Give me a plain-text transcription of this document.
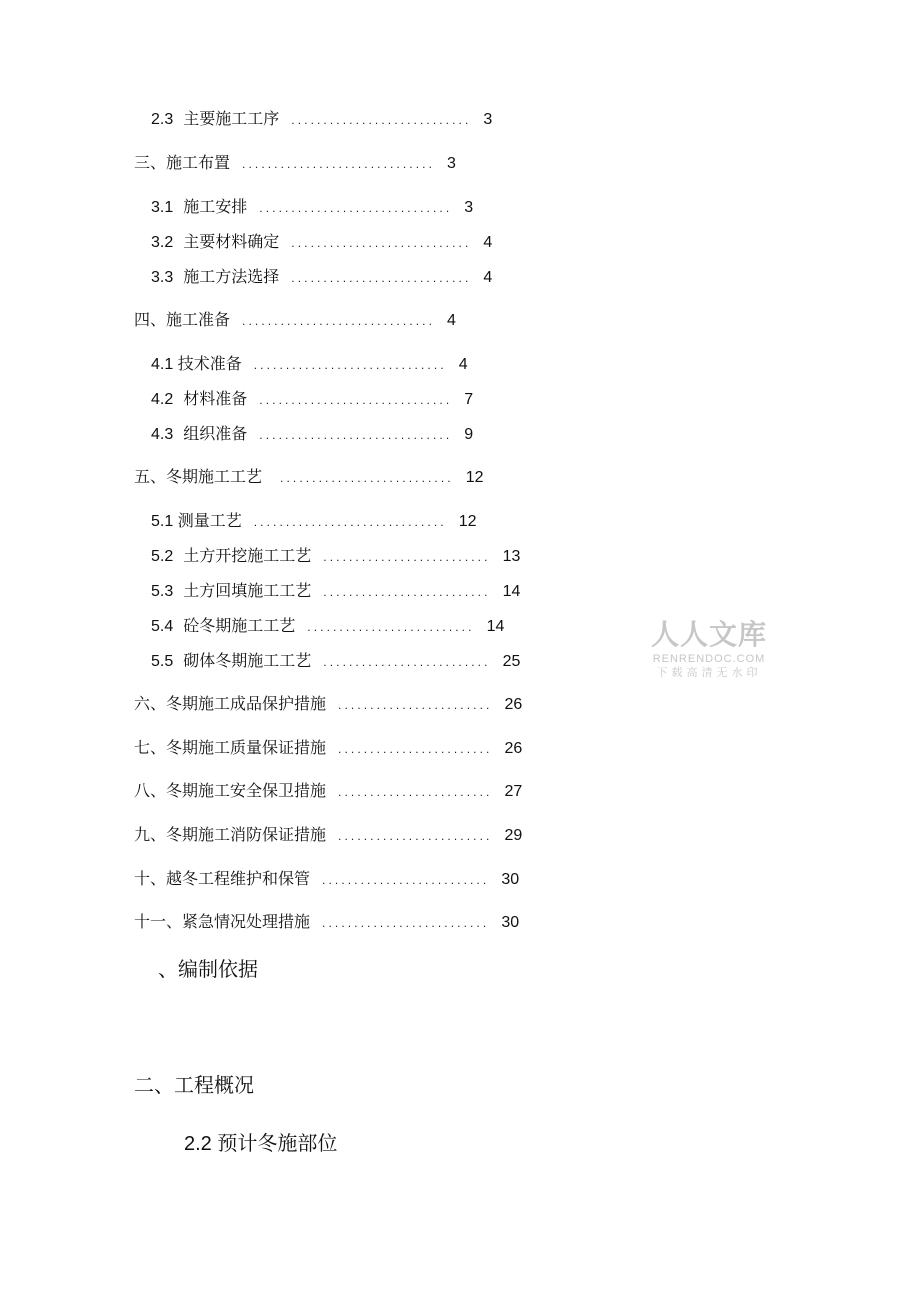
2.3 主要施工工序 ............................ 3
三、施工布置 .............................. 3
3.1 施工安排 .............................. 3
3.2 主要材料确定 ............................ 4
3.3 施工方法选择 ............................ 4
四、施工准备 .............................. 4
4.1 技术准备 .............................. 4
4.2 材料准备 .............................. 7
4.3 组织准备 .............................. 9
五、冬期施工工艺 ........................... 12
5.1 测量工艺 .............................. 12
5.2 土方开挖施工工艺 .......................... 13
5.3 土方回填施工工艺 .......................... 14
5.4 砼冬期施工工艺 .......................... 14
5.5 砌体冬期施工工艺 .......................... 25
六、冬期施工成品保护措施 ........................ 26
七、冬期施工质量保证措施 ........................ 26
八、冬期施工安全保卫措施 ........................ 27
九、冬期施工消防保证措施 ........................ 29
十、越冬工程维护和保管 .......................... 30
十一、紧急情况处理措施 .......................... 30
、编制依据
二、工程概况
2.2 预计冬施部位
人人文库
RENRENDOC.COM
下载高清无水印
